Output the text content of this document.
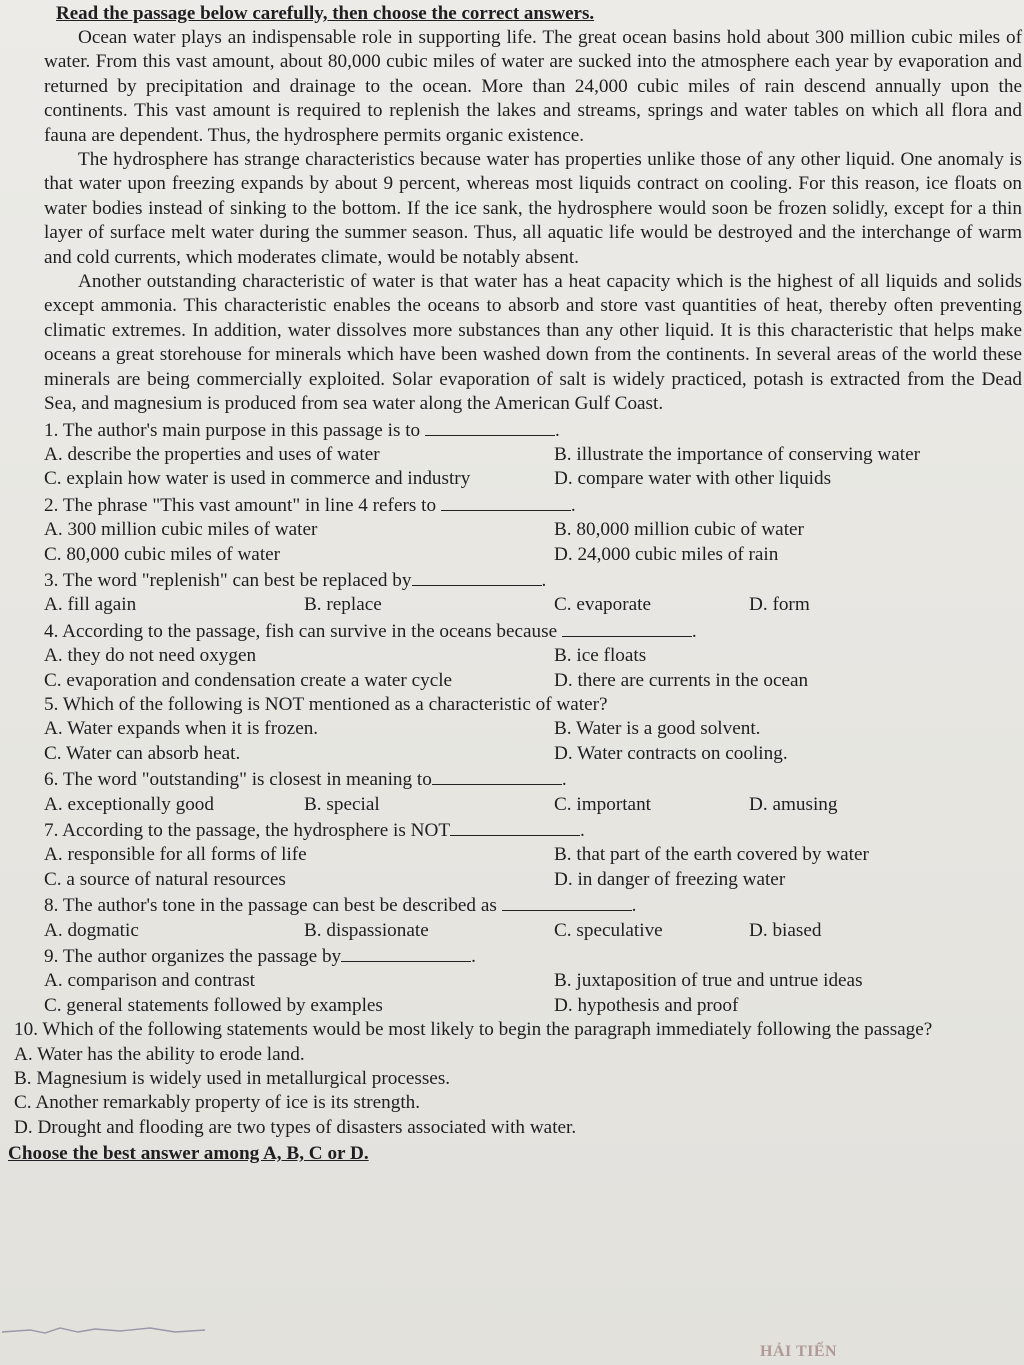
Read the passage below carefully, then choose the correct answers.

Ocean water plays an indispensable role in supporting life. The great ocean basins hold about 300 million cubic miles of water. From this vast amount, about 80,000 cubic miles of water are sucked into the atmosphere each year by evaporation and returned by precipitation and drainage to the ocean. More than 24,000 cubic miles of rain descend annually upon the continents. This vast amount is required to replenish the lakes and streams, springs and water tables on which all flora and fauna are dependent. Thus, the hydrosphere permits organic existence.

The hydrosphere has strange characteristics because water has properties unlike those of any other liquid. One anomaly is that water upon freezing expands by about 9 percent, whereas most liquids contract on cooling. For this reason, ice floats on water bodies instead of sinking to the bottom. If the ice sank, the hydrosphere would soon be frozen solidly, except for a thin layer of surface melt water during the summer season. Thus, all aquatic life would be destroyed and the interchange of warm and cold currents, which moderates climate, would be notably absent.

Another outstanding characteristic of water is that water has a heat capacity which is the highest of all liquids and solids except ammonia. This characteristic enables the oceans to absorb and store vast quantities of heat, thereby often preventing climatic extremes. In addition, water dissolves more substances than any other liquid. It is this characteristic that helps make oceans a great storehouse for minerals which have been washed down from the continents. In several areas of the world these minerals are being commercially exploited. Solar evaporation of salt is widely practiced, potash is extracted from the Dead Sea, and magnesium is produced from sea water along the American Gulf Coast.

1. The author's main purpose in this passage is to	.

A. describe the properties and uses of water	B. illustrate the importance of conserving water
C. explain how water is used in commerce and industry	D. compare water with other liquids

2. The phrase "This vast amount" in line 4 refers to	.

A. 300 million cubic miles of water	B. 80,000 million cubic of water
C. 80,000 cubic miles of water	D. 24,000 cubic miles of rain

3. The word "replenish" can best be replaced by	.

A. fill again	B. replace	C. evaporate	D. form

4. According to the passage, fish can survive in the oceans because	.

A. they do not need oxygen	B. ice floats
C. evaporation and condensation create a water cycle	D. there are currents in the ocean

5. Which of the following is NOT mentioned as a characteristic of water?

A. Water expands when it is frozen.	B. Water is a good solvent.
C. Water can absorb heat.	D. Water contracts on cooling.

6. The word "outstanding" is closest in meaning to	.

A. exceptionally good	B. special	C. important	D. amusing

7. According to the passage, the hydrosphere is NOT	.

A. responsible for all forms of life	B. that part of the earth covered by water
C. a source of natural resources	D. in danger of freezing water

8. The author's tone in the passage can best be described as	.

A. dogmatic	B. dispassionate	C. speculative	D. biased

9. The author organizes the passage by	.

A. comparison and contrast	B. juxtaposition of true and untrue ideas
C. general statements followed by examples	D. hypothesis and proof

10. Which of the following statements would be most likely to begin the paragraph immediately following the passage?

A. Water has the ability to erode land.

B. Magnesium is widely used in metallurgical processes.

C. Another remarkably property of ice is its strength.

D. Drought and flooding are two types of disasters associated with water.

Choose the best answer among A, B, C or D.
HẢI TIẾN
